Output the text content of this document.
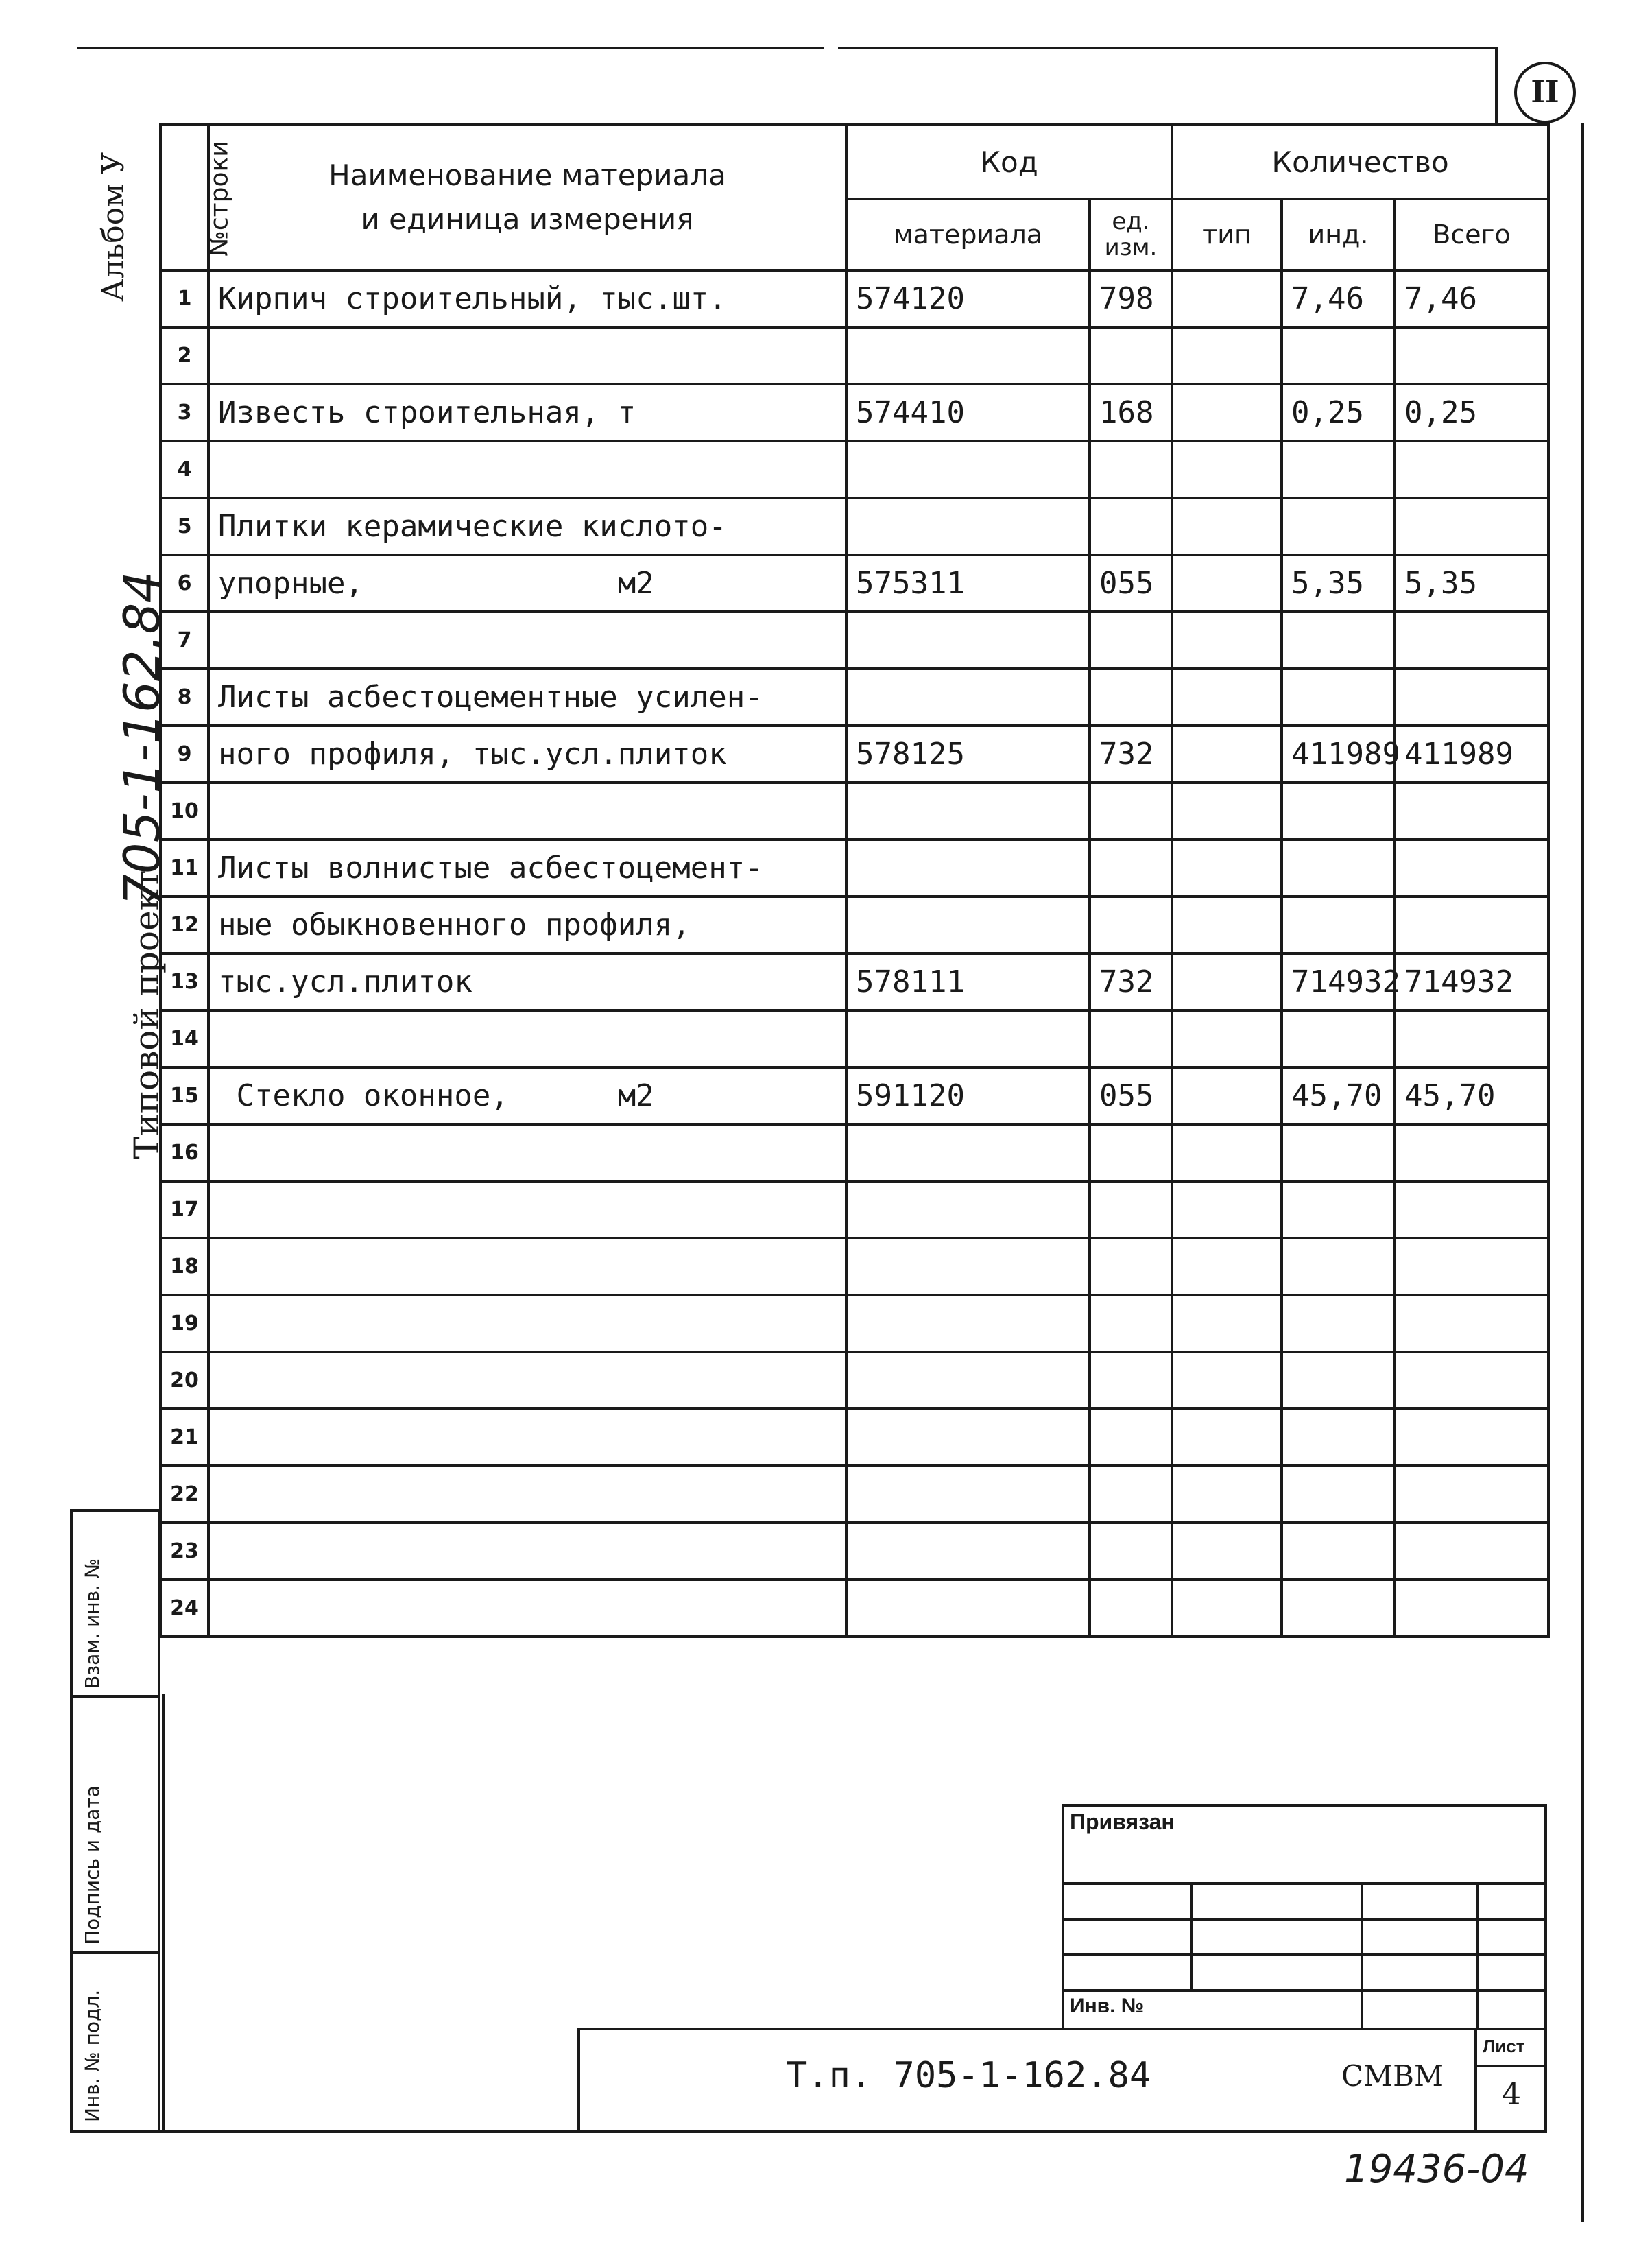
II
Альбом У
705-1-162.84
Типовой проект
№строки	Наименование материала
и единица измерения	Код		Количество		
		материала	ед. изм.	тип	инд.	Всего
1	Кирпич строительный, тыс.шт.	574120	798		7,46	7,46
2						
3	Известь строительная, т	574410	168		0,25	0,25
4						
5	Плитки керамические кислото-					
6	упорные,              м2	575311	055		5,35	5,35
7						
8	Листы асбестоцементные усилен-					
9	ного профиля, тыс.усл.плиток	578125	732		411989	411989
10						
11	Листы волнистые асбестоцемент-					
12	ные обыкновенного профиля,					
13	тыс.усл.плиток	578111	732		714932	714932
14						
15	Стекло оконное,      м2	591120	055		45,70	45,70
16						
17						
18						
19						
20						
21						
22						
23						
24						
Взам. инв. №
Подпись и дата
Инв. № подл.
Привязан
Инв. №
Т.п. 705-1-162.84	СМВМ
Лист
4
19436-04
